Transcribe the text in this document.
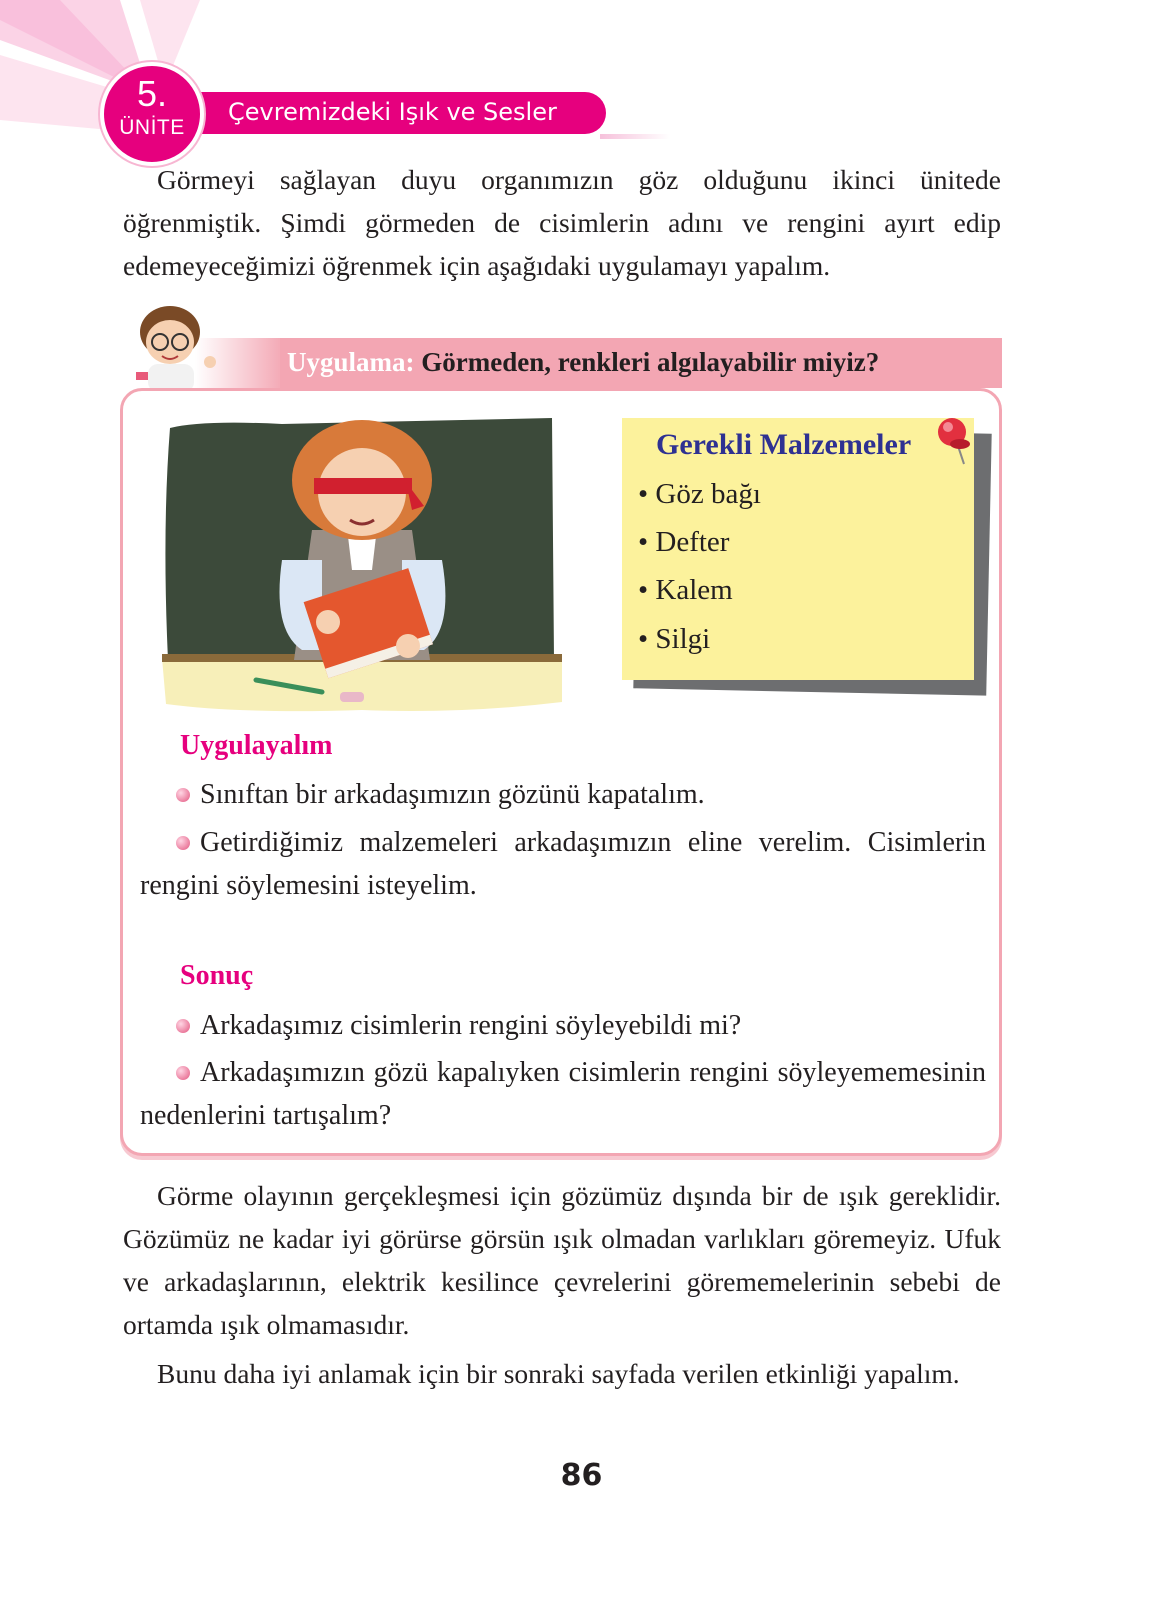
Çevremizdeki Işık ve Sesler
5.
ÜNİTE

Görmeyi sağlayan duyu organımızın göz olduğunu ikinci ünitede öğrenmiştik. Şimdi görmeden de cisimlerin adını ve rengini ayırt edip edemeyeceğimizi öğrenmek için aşağıdaki uygulamayı yapalım.

Uygulama: Görmeden, renkleri algılayabilir miyiz?
Gerekli Malzemeler
• Göz bağı
• Defter
• Kalem
• Silgi
Uygulayalım
Sınıftan bir arkadaşımızın gözünü kapatalım.
Getirdiğimiz malzemeleri arkadaşımızın eline verelim. Cisimlerin rengini söylemesini isteyelim.
Sonuç
Arkadaşımız cisimlerin rengini söyleyebildi mi?
Arkadaşımızın gözü kapalıyken cisimlerin rengini söyleyememesinin nedenlerini tartışalım?

Görme olayının gerçekleşmesi için gözümüz dışında bir de ışık gereklidir. Gözümüz ne kadar iyi görürse görsün ışık olmadan varlıkları göremeyiz. Ufuk ve arkadaşlarının, elektrik kesilince çevrelerini görememelerinin sebebi de ortamda ışık olmamasıdır.

Bunu daha iyi anlamak için bir sonraki sayfada verilen etkinliği yapalım.

86
